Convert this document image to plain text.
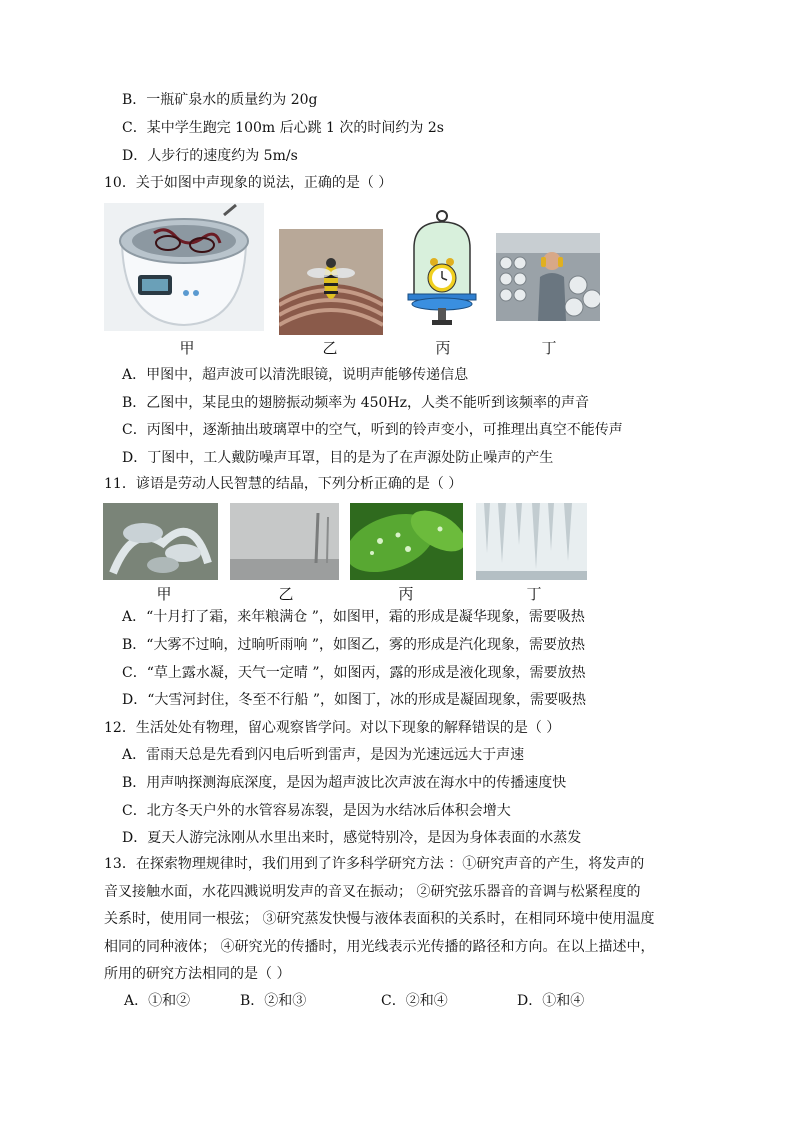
B．一瓶矿泉水的质量约为 20g
C．某中学生跑完 100m 后心跳 1 次的时间约为 2s
D．人步行的速度约为 5m/s
10．关于如图中声现象的说法，正确的是（ ）
甲	乙	丙	丁
A．甲图中，超声波可以清洗眼镜，说明声能够传递信息
B．乙图中，某昆虫的翅膀振动频率为 450Hz，人类不能听到该频率的声音
C．丙图中，逐渐抽出玻璃罩中的空气，听到的铃声变小，可推理出真空不能传声
D．丁图中，工人戴防噪声耳罩，目的是为了在声源处防止噪声的产生
11．谚语是劳动人民智慧的结晶，下列分析正确的是（ ）
甲	乙	丙	丁
A．“十月打了霜，来年粮满仓 ”，如图甲，霜的形成是凝华现象，需要吸热
B．“大雾不过晌，过晌听雨响 ”，如图乙，雾的形成是汽化现象，需要放热
C．“草上露水凝，天气一定晴 ”，如图丙，露的形成是液化现象，需要放热
D．“大雪河封住，冬至不行船 ”，如图丁，冰的形成是凝固现象，需要吸热
12．生活处处有物理，留心观察皆学问。对以下现象的解释错误的是（ ）
A．雷雨天总是先看到闪电后听到雷声，是因为光速远远大于声速
B．用声呐探测海底深度，是因为超声波比次声波在海水中的传播速度快
C．北方冬天户外的水管容易冻裂，是因为水结冰后体积会增大
D．夏天人游完泳刚从水里出来时，感觉特别冷，是因为身体表面的水蒸发
13．在探索物理规律时，我们用到了许多科学研究方法 ：①研究声音的产生，将发声的
音叉接触水面，水花四溅说明发声的音叉在振动； ②研究弦乐器音的音调与松紧程度的
关系时，使用同一根弦； ③研究蒸发快慢与液体表面积的关系时，在相同环境中使用温度
相同的同种液体； ④研究光的传播时，用光线表示光传播的路径和方向。在以上描述中，
所用的研究方法相同的是（ ）
A．①和②	B．②和③	C．②和④	D．①和④
